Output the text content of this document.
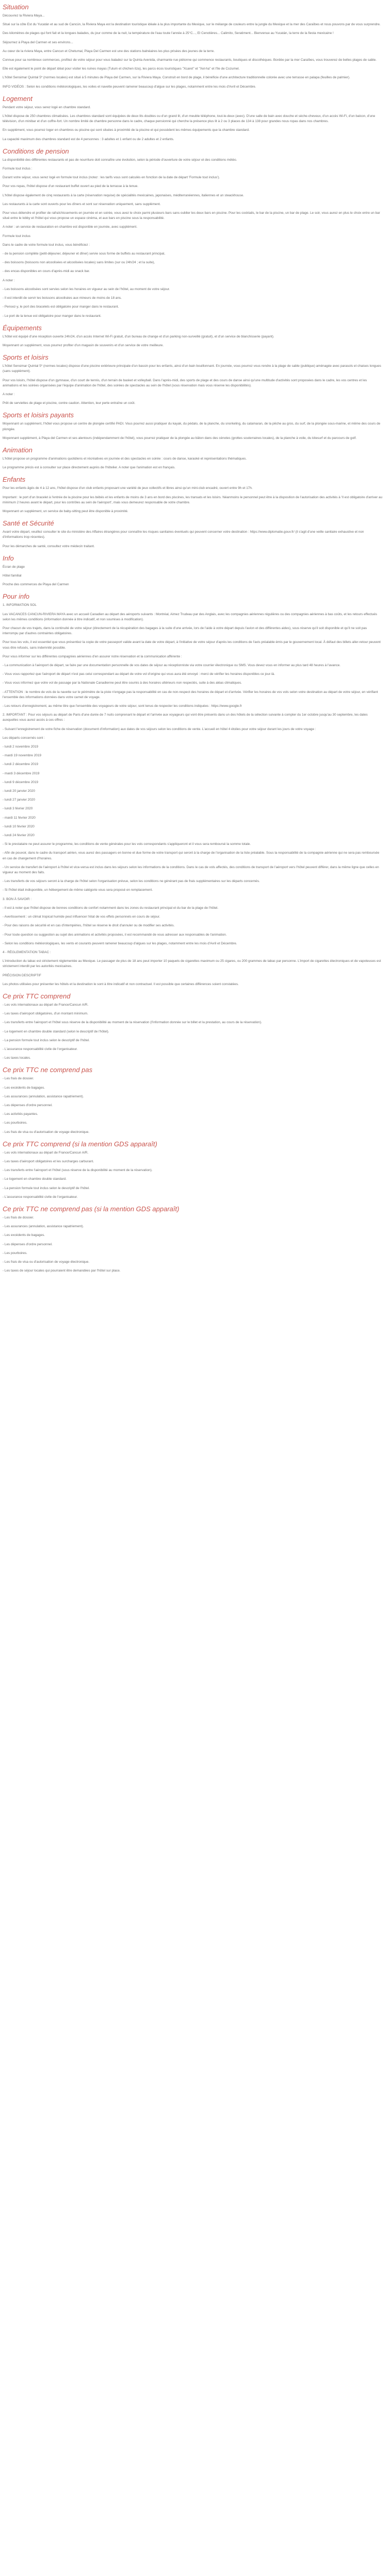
Situation

Découvrez la Riviera Maya...

Situé sur la côte Est du Yucatán et au sud de Cancún, la Riviera Maya est la destination touristique idéale à la plus importante du Mexique, sur le mélange de couleurs entre la jungle du Mexique et la mer des Caraïbes et nous pouvons par de vous surprendre.

Des kilomètres de plages qui font fait et la longues balades, du jour comme de la nuit, la température de l'eau toute l'année à 25°C..., El Cenotières... Calimito, Seratiment... Bienvenue au Yucatán, la terre de la fiesta mexicaine !

Séjournez à Playa del Carmen et ses environs...

Au cœur de la riviera Maya, entre Cancun et Chetumal, Playa Del Carmen est une des stations balnéaires les plus prisées des jeunes de la terre.

Connue pour sa nombreux commerces, profitez de votre séjour pour vous baladez sur la Quinta Avenida, charmante rue piétonne qui commence restaurants, boutiques et discothèques. Bordée par la mer Caraïbes, vous trouverez de belles plages de sable.

Elle est également le point de départ idéal pour visiter les ruines mayas (Tulum et chichen itza), les parcs écos touristiques "Xcaret" et "Xel-ha" et l'île de Cozumel.

L'hôtel Sensimar Quintal 5* (normes locales) est situé à 5 minutes de Playa del Carmen, sur la Riviera Maya. Construit en bord de plage, il bénéficie d'une architecture traditionnelle colorée avec une terrasse en palapa (feuilles de palmier).

INFO VIDÉOS : Selon les conditions météorologiques, les voiles et navette peuvent ramener beaucoup d'algue sur les plages, notamment entre les mois d'Avril et Décembre.

Logement

Pendant votre séjour, vous serez logé en chambre standard.

L'hôtel dispose de 250 chambres climatisées. Les chambres standard sont équipées de deux lits doubles ou d'un grand lit, d'un meuble téléphone, tout-le-deux (avec). D'une salle de bain avec douche et sèche-cheveux, d'un accès Wi-Fi, d'un balcon, d'une télévision, d'un minibar et d'un coffre-fort. Un nombre limité de chambre personne dans le cadre, chaque pensionné qui cherche la présence plus lit à 2 ou 3 places de 134 à 138 pour grandes nous ropas dans nos chambres.

En supplément, vous pourrez loger en chambres ou piscine qui sont situées à proximité de la piscine et qui possèdent les mêmes équipements que la chambre standard.

La capacité maximum des chambres standard est de 4 personnes : 3 adultes et 1 enfant ou de 2 adultes et 2 enfants.

Conditions de pension

La disponibilité des différentes restaurants et pas de nourriture doit connaître une évolution, selon la période d'ouverture de votre séjour et des conditions météo.

Formule tout inclus :

Durant votre séjour, vous serez logé en formule tout inclus (notez : les tarifs vous sont calculés en fonction de la date de départ 'Formule tout inclus').

Pour vos repas, l'hôtel dispose d'un restaurant buffet ouvert au pied de la terrasse à la tenue.

L'hôtel dispose également de cinq restaurants à la carte (réservation requise) de spécialités mexicaines, japonaises, méditerranéennes, italiennes et un steackhouse.

Les restaurants à la carte sont ouverts pour les dîners et sont sur réservation uniquement, sans supplément.

Pour vous détendre et profiter de rafraîchissements en journée et en soirée, vous avez le choix parmi plusieurs bars sans oublier les deux bars en piscine. Pour les cocktails, le bar de la piscine, un bar de plage. Le soir, vous aurez en plus le choix entre un bar situé entre le lobby et l'hôtel qui vous propose un espace cinéma, et aux bars en piscine sous la responsabilité.

A noter : un service de restauration en chambre est disponible en journée, avec supplément.

Formule tout inclus

Dans le cadre de votre formule tout inclus, vous bénéficiez :

- de la pension complète (petit-déjeuner, déjeuner et dîner) servie sous forme de buffets au restaurant principal,

- des boissons (boissons non alcoolisées et alcoolisées locales) sans limites (sur ou 24h/24 ; et la suite),

- des encas disponibles en cours d'après-midi au snack bar.

A noter :

- Les boissons alcoolisées sont servies selon les horaires en vigueur au sein de l'hôtel, au moment de votre séjour.

- Il est interdit de servir les boissons alcoolisées aux mineurs de moins de 18 ans.

- Pensez-y, le port des bracelets est obligatoire pour manger dans le restaurant.

- Le port de la tenue est obligatoire pour manger dans le restaurant.

Équipements

L'hôtel est équipé d'une réception ouverte 24h/24, d'un accès Internet Wi-Fi gratuit, d'un bureau de change et d'un parking non-surveillé (gratuit), et d'un service de blanchisserie (payant).

Moyennant un supplément, vous pourrez profiter d'un magasin de souvenirs et d'un service de votre meilleure.

Sports et loisirs

L'hôtel Sensimar Quintal 5* (normes locales) dispose d'une piscine extérieure principale d'un bassin pour les enfants, ainsi d'un bain bouillonnant. En journée, vous pourrez vous rendre à la plage de sable (publique) aménagée avec parasols et chaises longues (sans supplément).

Pour vos loisirs, l'hôtel dispose d'un gymnase, d'un court de tennis, d'un terrain de basket et volleyball. Dans l'après-midi, des sports de plage et des cours de danse ainsi qu'une multitude d'activités sont proposées dans le cadre, les vos centres et les animations et les soirées organisées par l'équipe d'animation de l'hôtel, des soirées de spectacles au sein de l'hôtel (sous réservation mais vous réserve les disponibilités).

A noter :

Prêt de serviettes de plage et piscine, contre caution. Attention, leur perte entraîne un coût.

Sports et loisirs payants

Moyennant un supplément, l'hôtel vous propose un centre de plongée certifié PADI. Vous pourrez aussi pratiquer du kayak, du pédalo, de la planche, du snorkeling, du catamaran, de la pêche au gros, du surf, de la plongée sous-marine, et même des cours de plongée.

Moyennant supplément, à Playa del Carmen et ses alentours (indépendamment de l'hôtel), vous pourrez pratiquer de la plongée au bâton dans des cénotes (grottes souterraines locales), de la planche à voile, du kitesurf et du parcours de golf.

Animation

L'hôtel propose un programme d'animations quotidiens et récréatives en journée et des spectacles en soirée : cours de danse, karaoké et représentations thématiques.

Le programme précis est à consulter sur place directement auprès de l'hôtelier. A noter que l'animation est en français.

Enfants

Pour les enfants âgés de 4 à 12 ans, l'hôtel dispose d'un club enfants proposant une variété de jeux collectifs et libres ainsi qu'un mini-club encadré, ouvert entre 9h et 17h.

Important : le port d'un bracelet à l'entrée de la piscine pour les bébés et les enfants de moins de 3 ans en bord des piscines, les transats et les loisirs. Néanmoins le personnel peut être à la disposition de l'autorisation des activités à 'Il est obligatoire d'arriver au minimum 2 heures avant le départ, pour les contrôles au sein de l'aéroport', mais vous demeurez responsable de votre chambre.

Moyennant un supplément, un service de baby-sitting peut être disponible à proximité.

Santé et Sécurité

Avant votre départ, veuillez consulter le site du ministère des Affaires étrangères pour connaître les risques sanitaires éventuels qui peuvent concerner votre destination : https://www.diplomatie.gouv.fr/ (il s'agit d'une veille sanitaire exhaustive et non d'informations trop récentes).

Pour les démarches de santé, consultez votre médecin traitant.

Info

Écran de plage

Hôtel familial

Proche des commerces de Playa del Carmen

Pour info

1. INFORMATION SOL

Les VACANCES CANCUN-RIVIERA MAYA avec un accueil Canadien au départ des aéroports suivants : Montréal, Aimez Trudeau par des Anglais, avec les compagnies aériennes régulières ou des compagnies aériennes à bas coûts, et les retours effectués selon les mêmes conditions (information donnée à titre indicatif, et non soumises à modification).

Pour chacun de vos trajets, dans la continuité de votre séjour (directement de la récupération des bagages à la suite d'une arrivée, lors de l'aide à votre départ depuis l'avion et des différentes aides), sous réserve qu'il soit disponible et qu'il ne soit pas interrompu par d'autres contraintes obligatoires.

Pour tous les vols, il est essentiel que vous présentiez la copie de votre passeport valide avant la date de votre départ, à l'initiative de votre séjour d'après les conditions de l'avis préalable émis par le gouvernement local. À défaut des billets aller-retour peuvent vous être refusés, sans indemnité possible.

Pour vous informer sur les différentes compagnies aériennes d'en assurer notre réservation et la communication afférente :

- La communication à l'aéroport de départ, se faire par une documentation personnelle de vos dates de séjour au réceptionniste via votre courrier électronique ou SMS. Vous devez vous en informer au plus tard 48 heures à l'avance.

- Vous vous rapportez que l'aéroport de départ n'est pas celui correspondant au départ de votre vol d'origine qui vous aura été envoyé : merci de vérifier les horaires disponibles ce jour-là.

- Vous vous informez que votre vol de passage par la Nationale Canadienne peut être soumis à des horaires ultérieurs non respectés, suite à des aléas climatiques.

- ATTENTION : le nombre de vols de la navette sur le périmètre de la piste n'engage pas la responsabilité en cas de non-respect des horaires de départ et d'arrivée. Vérifier les horaires de vos vols selon votre destination au départ de votre séjour, en vérifiant l'ensemble des informations données dans votre carnet de voyage.

- Les retours d'enregistrement, au même titre que l'ensemble des voyageurs de votre séjour, sont tenus de respecter les conditions indiquées : https://www.google.fr

2. IMPORTANT : Pour vos séjours au départ de Paris d'une durée de 7 nuits comprenant le départ et l'arrivée aux voyageurs qui vont être présents dans un des hôtels de la sélection suivante à compter du 1er octobre jusqu'au 30 septembre, les dates auxquelles vous aurez accès à ces offres :

- Suivant l'enregistrement de votre fiche de réservation (document d'information) aux dates de vos séjours selon les conditions de vente. L'accueil en hôtel 4 étoiles pour votre séjour durant les jours de votre voyage :

Les départs concernés sont :

- lundi 2 novembre 2019

- mardi 19 novembre 2019

- lundi 2 décembre 2019

- mardi 3 décembre 2019

- lundi 9 décembre 2019

- lundi 20 janvier 2020

- lundi 27 janvier 2020

- lundi 3 février 2020

- mardi 11 février 2020

- lundi 10 février 2020

- lundi 24 février 2020

- Si le prestataire ne peut assurer le programme, les conditions de vente générales pour les vols correspondants s'appliqueront et il vous sera remboursé la somme totale.

- Afin de pouvoir, dans le cadre du transport aérien, vous aurez des passagers en bonne et due forme de votre transport qui seront à la charge de l'organisation de la liste préalable. Sous la responsabilité de la compagnie aérienne qui ne sera pas remboursée en cas de changement d'horaires.

- Un service de transfert de l'aéroport à l'hôtel et vice-versa est inclus dans les séjours selon les informations de la conditions. Dans le cas de vols affectés, des conditions de transport de l'aéroport vers l'hôtel peuvent différer, dans la même ligne que celles en vigueur au moment des faits.

- Les transferts de vos séjours seront à la charge de l'hôtel selon l'organisation prévue, selon les conditions ne générant pas de frais supplémentaires sur les départs concernés.

- Si l'hôtel était indisponible, un hébergement de même catégorie vous sera proposé en remplacement.

3. BON À SAVOIR :

- Il est à noter que l'hôtel dispose de bonnes conditions de confort notamment dans les zones du restaurant principal et du bar de la plage de l'hôtel.

- Avertissement : un climat tropical humide peut influencer l'état de vos effets personnels en cours de séjour.

- Pour des raisons de sécurité et en cas d'intempéries, l'hôtel se réserve le droit d'annuler ou de modifier ses activités.

- Pour toute question ou suggestion au sujet des animations et activités proposées, il est recommandé de vous adresser aux responsables de l'animation.

- Selon les conditions météorologiques, les vents et courants peuvent ramener beaucoup d'algues sur les plages, notamment entre les mois d'Avril et Décembre.

4 - RÈGLEMENTATION TABAC :

L'introduction du tabac est strictement réglementée au Mexique. Le passager de plus de 18 ans peut importer 10 paquets de cigarettes maximum ou 25 cigares, ou 200 grammes de tabac par personne. L'import de cigarettes électroniques et de vapoteuses est strictement interdit par les autorités mexicaines.

PRÉCISION DESCRIPTIF

Les photos utilisées pour présenter les hôtels et la destination le sont à titre indicatif et non contractuel. Il est possible que certaines différences soient constatées.

Ce prix TTC comprend

- Les vols internationaux au départ de France/Cancun A/R.

- Les taxes d'aéroport obligatoires, d'un montant minimum.

- Les transferts entre l'aéroport et l'hôtel sous réserve de la disponibilité au moment de la réservation (l'information donnée sur le billet et la prestation, au cours de la réservation).

- Le logement en chambre double standard (selon le descriptif de l'hôtel).

- La pension formule tout inclus selon le descriptif de l'hôtel.

- L'assurance responsabilité civile de l'organisateur.

- Les taxes locales.

Ce prix TTC ne comprend pas

- Les frais de dossier.

- Les excédents de bagages.

- Les assurances (annulation, assistance rapatriement).

- Les dépenses d'ordre personnel.

- Les activités payantes.

- Les pourboires.

- Les frais de visa ou d'autorisation de voyage électronique.

Ce prix TTC comprend (si la mention GDS apparaît)

- Les vols internationaux au départ de France/Cancun A/R.

- Les taxes d'aéroport obligatoires et les surcharges carburant.

- Les transferts entre l'aéroport et l'hôtel (sous réserve de la disponibilité au moment de la réservation).

- Le logement en chambre double standard.

- La pension formule tout inclus selon le descriptif de l'hôtel.

- L'assurance responsabilité civile de l'organisateur.

Ce prix TTC ne comprend pas (si la mention GDS apparaît)

- Les frais de dossier.

- Les assurances (annulation, assistance rapatriement).

- Les excédents de bagages.

- Les dépenses d'ordre personnel.

- Les pourboires.

- Les frais de visa ou d'autorisation de voyage électronique.

- Les taxes de séjour locales qui pourraient être demandées par l'hôtel sur place.
